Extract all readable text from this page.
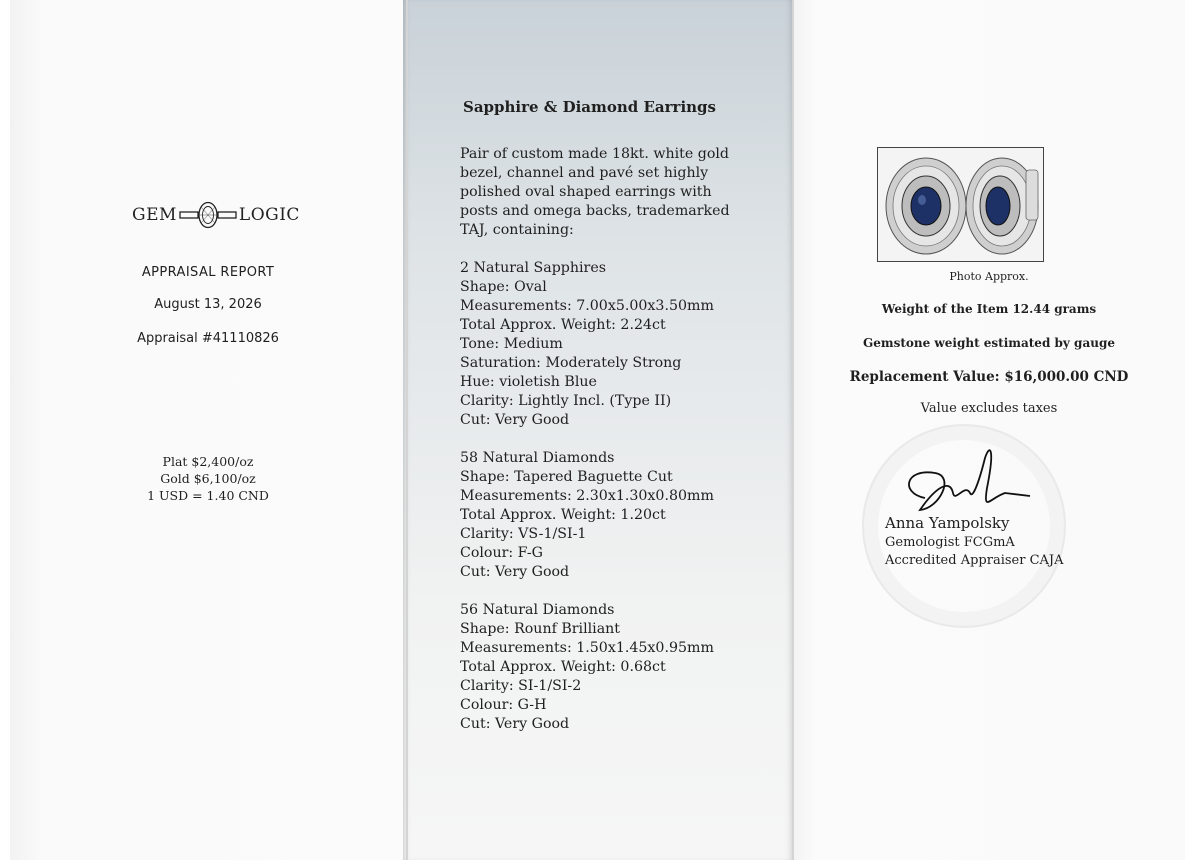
GEM	LOGIC
APPRAISAL REPORT
August 13, 2026
Appraisal #41110826
Plat $2,400/oz
Gold $6,100/oz
1 USD = 1.40 CND
Pair of custom made 18kt. white gold
bezel, channel and pavé set highly
polished oval shaped earrings with
posts and omega backs, trademarked
TAJ, containing:
2 Natural Sapphires
Shape: Oval
Measurements: 7.00x5.00x3.50mm
Total Approx. Weight: 2.24ct
Tone: Medium
Saturation: Moderately Strong
Hue: violetish Blue
Clarity: Lightly Incl. (Type II)
Cut: Very Good
58 Natural Diamonds
Shape: Tapered Baguette Cut
Measurements: 2.30x1.30x0.80mm
Total Approx. Weight: 1.20ct
Clarity: VS-1/SI-1
Colour: F-G
Cut: Very Good
56 Natural Diamonds
Shape: Rounf Brilliant
Measurements: 1.50x1.45x0.95mm
Total Approx. Weight: 0.68ct
Clarity: SI-1/SI-2
Colour: G-H
Cut: Very Good
Sapphire & Diamond Earrings
Photo Approx.
Weight of the Item 12.44 grams
Gemstone weight estimated by gauge
Replacement Value: $16,000.00 CND
Value excludes taxes
Anna Yampolsky
Gemologist FCGmA
Accredited Appraiser CAJA
